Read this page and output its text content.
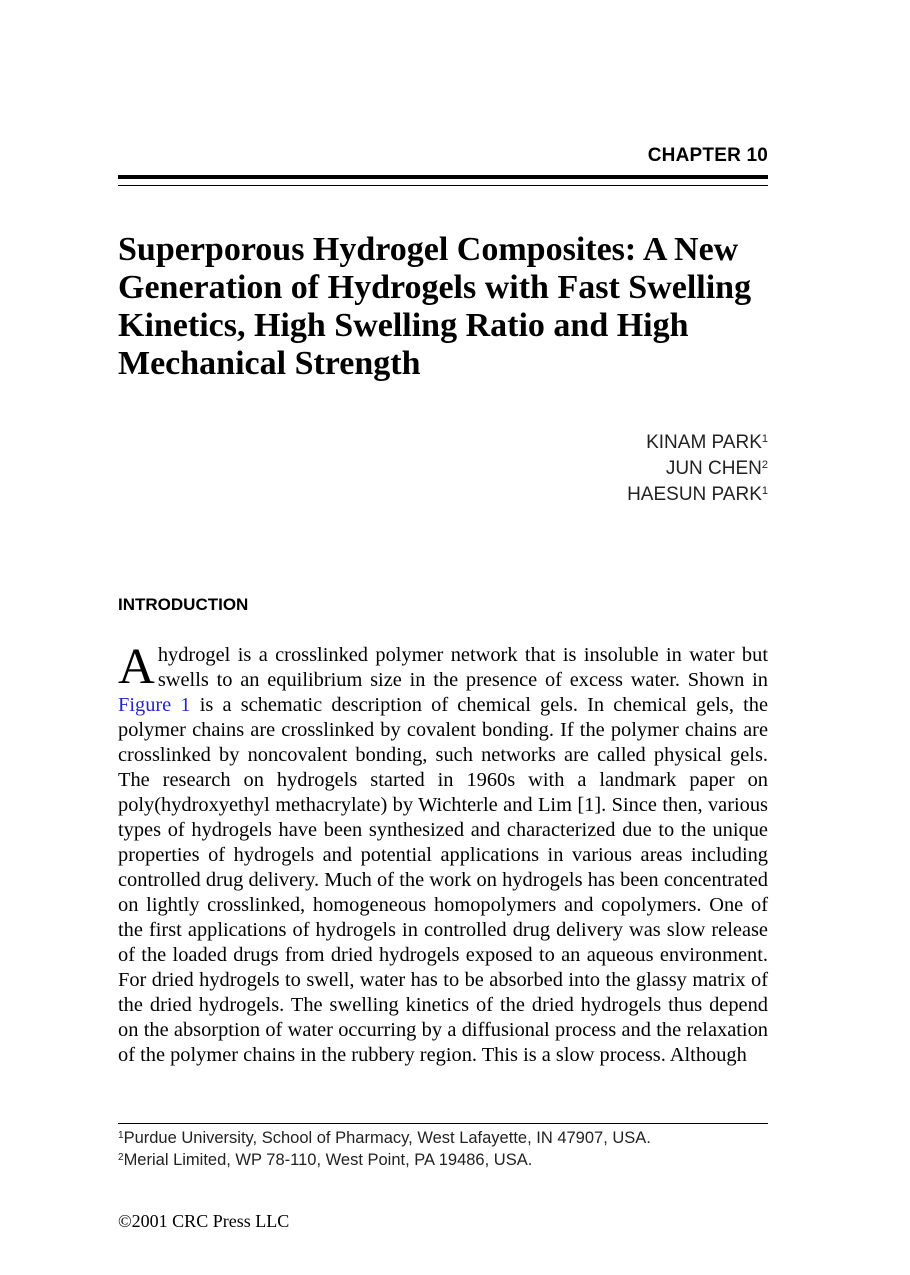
CHAPTER 10
Superporous Hydrogel Composites: A New Generation of Hydrogels with Fast Swelling Kinetics, High Swelling Ratio and High Mechanical Strength
KINAM PARK$^1$
JUN CHEN$^2$
HAESUN PARK$^1$
INTRODUCTION

A hydrogel is a crosslinked polymer network that is insoluble in water but swells to an equilibrium size in the presence of excess water. Shown in Figure 1 is a schematic description of chemical gels. In chemical gels, the polymer chains are crosslinked by covalent bonding. If the polymer chains are crosslinked by noncovalent bonding, such networks are called physical gels. The research on hydrogels started in 1960s with a landmark paper on poly(hydroxyethyl methacrylate) by Wichterle and Lim [1]. Since then, various types of hydrogels have been synthesized and characterized due to the unique properties of hydrogels and potential applications in various areas including controlled drug delivery. Much of the work on hydrogels has been concentrated on lightly crosslinked, homogeneous homopolymers and copolymers. One of the first applications of hydrogels in controlled drug delivery was slow release of the loaded drugs from dried hydrogels exposed to an aqueous environment. For dried hydrogels to swell, water has to be absorbed into the glassy matrix of the dried hydrogels. The swelling kinetics of the dried hydrogels thus depend on the absorption of water occurring by a diffusional process and the relaxation of the polymer chains in the rubbery region. This is a slow process. Although

$^1$Purdue University, School of Pharmacy, West Lafayette, IN 47907, USA.
$^2$Merial Limited, WP 78-110, West Point, PA 19486, USA.
©2001 CRC Press LLC
